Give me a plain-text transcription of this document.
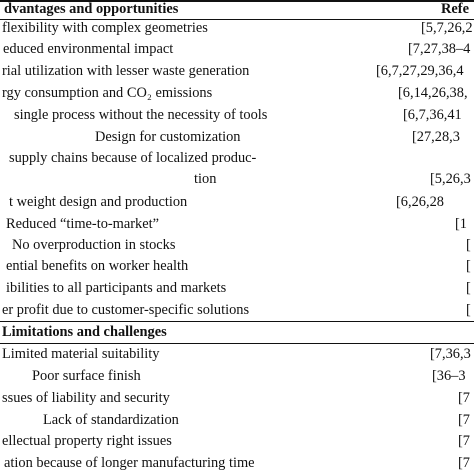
dvantages and opportunities	Refe
flexibility with complex geometries	[5,7,26,2
educed environmental impact	[7,27,38–4
rial utilization with lesser waste generation	[6,7,27,29,36,4
rgy consumption and CO₂ emissions	[6,14,26,38,
single process without the necessity of tools	[6,7,36,41
Design for customization	[27,28,3
supply chains because of localized produc-
tion	[5,26,3
t weight design and production	[6,26,28
Reduced “time-to-market”	[1
No overproduction in stocks	[
ential benefits on worker health	[
ibilities to all participants and markets	[
er profit due to customer-specific solutions	[
Limitations and challenges
Limited material suitability	[7,36,3
Poor surface finish	[36–3
ssues of liability and security	[7
Lack of standardization	[7
ellectual property right issues	[7
ation because of longer manufacturing time	[7
